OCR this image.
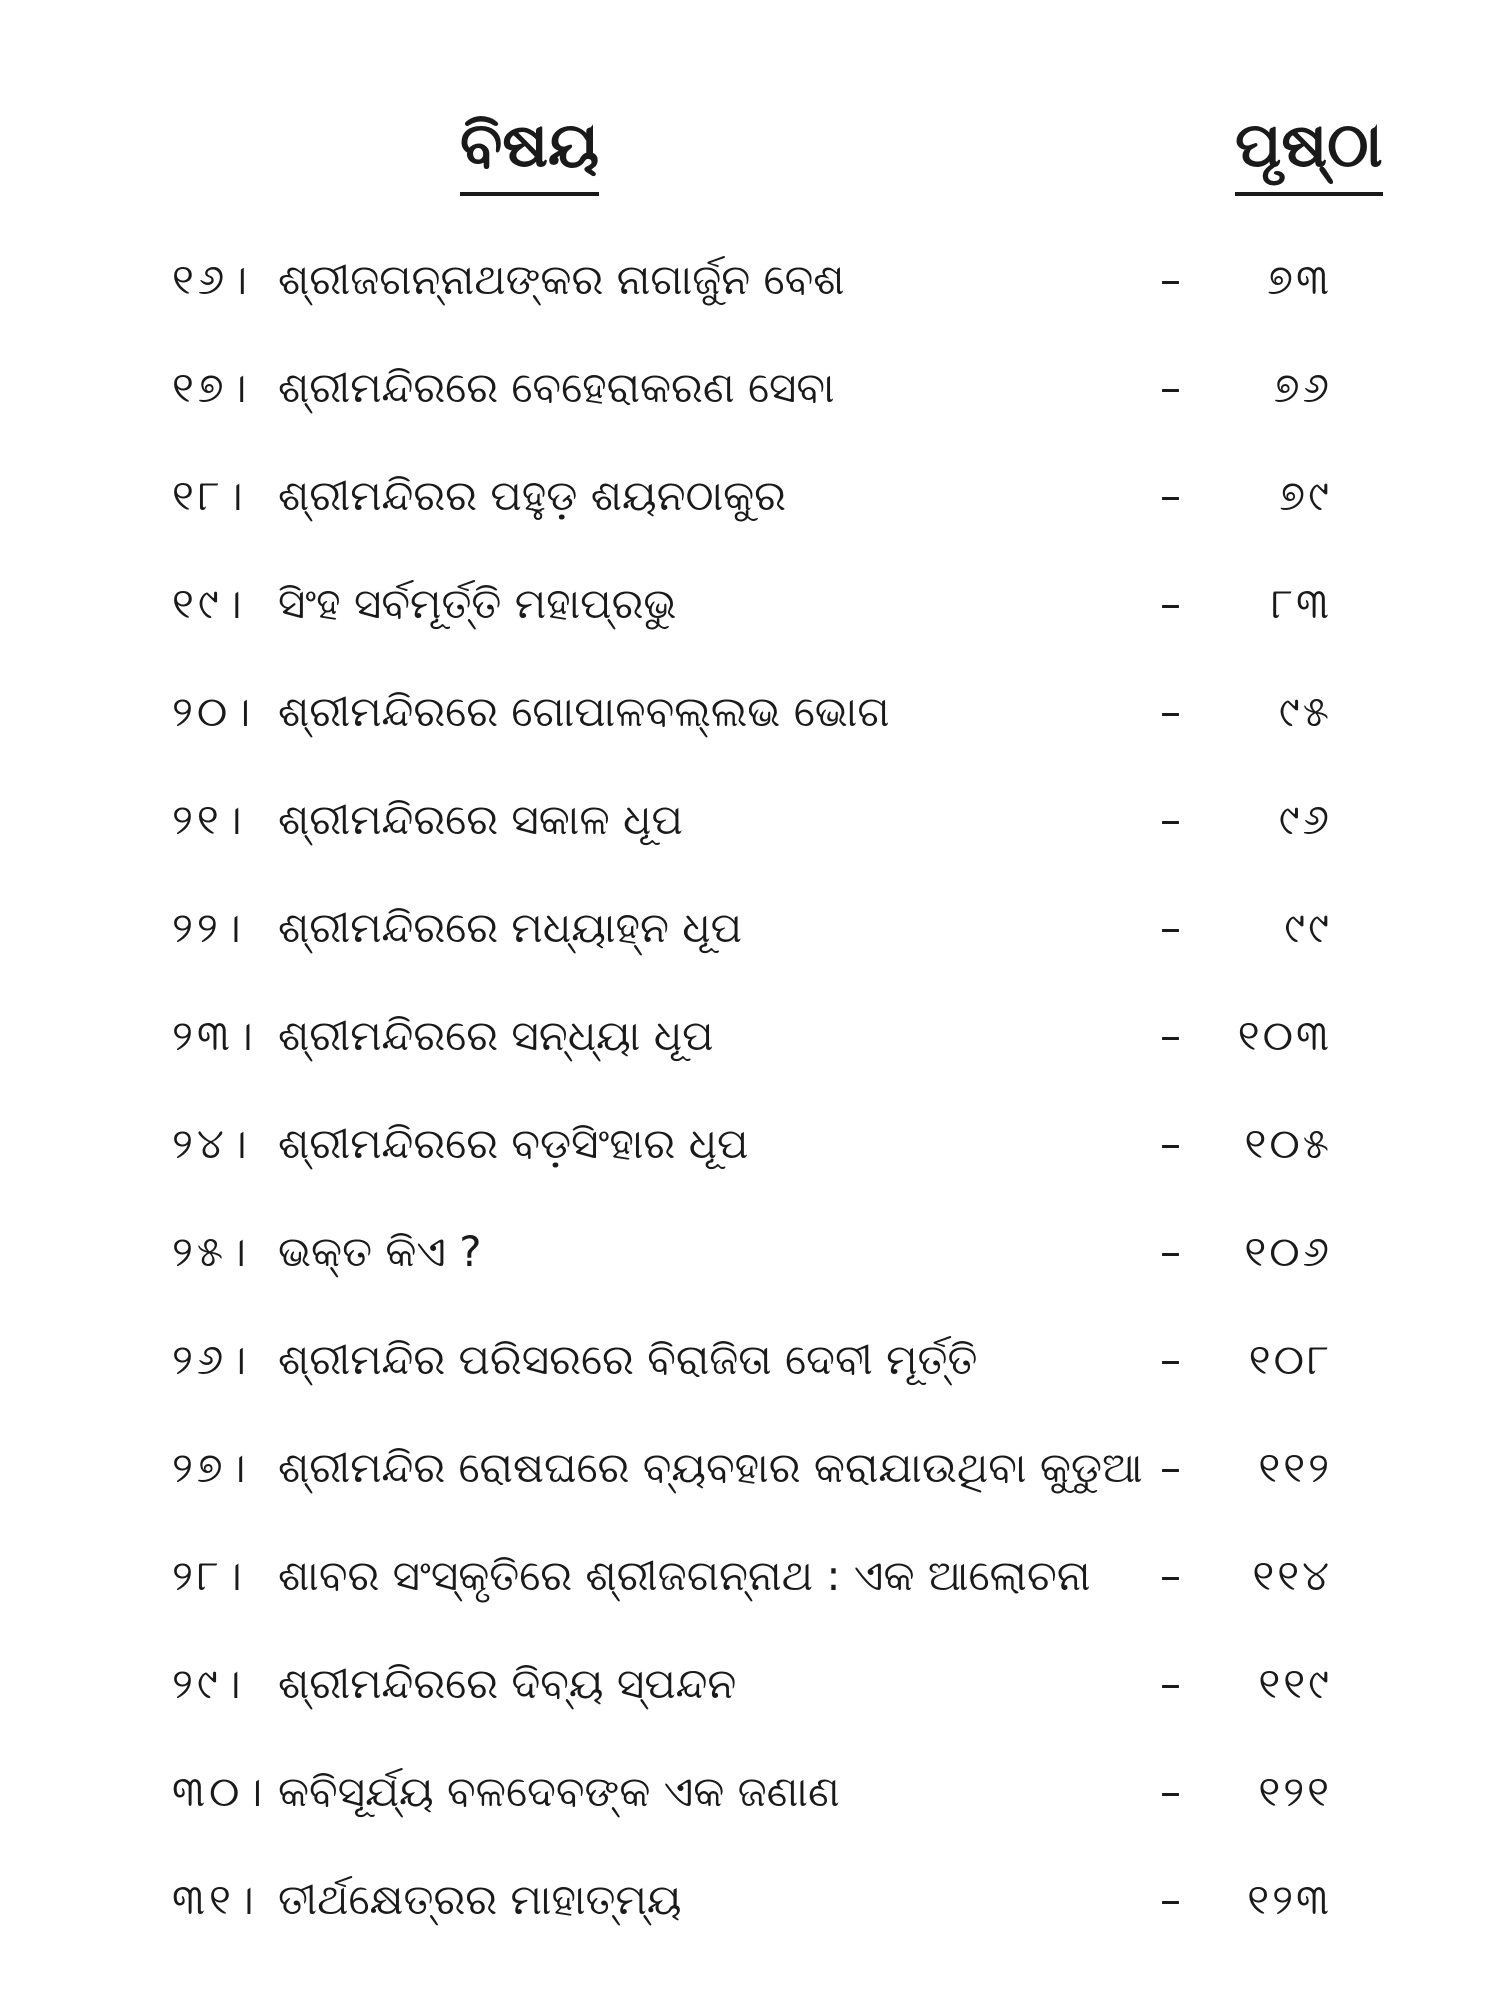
ବିଷୟ	ପୃଷ୍ଠା
୧୬। ଶ୍ରୀଜଗନ୍ନାଥଙ୍କର ନାଗାର୍ଜୁନ ବେଶ	– ୭୩
୧୭। ଶ୍ରୀମନ୍ଦିରରେ ବେହେରାକରଣ ସେବା	– ୭୬
୧୮। ଶ୍ରୀମନ୍ଦିରର ପହୁଡ଼ ଶୟନଠାକୁର	– ୭୯
୧୯। ସିଂହ ସର୍ବମୂର୍ତ୍ତି ମହାପ୍ରଭୁ	– ୮୩
୨୦। ଶ୍ରୀମନ୍ଦିରରେ ଗୋପାଳବଲ୍ଲଭ ଭୋଗ	– ୯୫
୨୧। ଶ୍ରୀମନ୍ଦିରରେ ସକାଳ ଧୂପ	– ୯୬
୨୨। ଶ୍ରୀମନ୍ଦିରରେ ମଧ୍ୟାହ୍ନ ଧୂପ	– ୯୯
୨୩। ଶ୍ରୀମନ୍ଦିରରେ ସନ୍ଧ୍ୟା ଧୂପ	– ୧୦୩
୨୪। ଶ୍ରୀମନ୍ଦିରରେ ବଡ଼ସିଂହାର ଧୂପ	– ୧୦୫
୨୫। ଭକ୍ତ କିଏ ?	– ୧୦୬
୨୬। ଶ୍ରୀମନ୍ଦିର ପରିସରରେ ବିରାଜିତା ଦେବୀ ମୂର୍ତ୍ତି	– ୧୦୮
୨୭। ଶ୍ରୀମନ୍ଦିର ରୋଷଘରେ ବ୍ୟବହାର କରାଯାଉଥିବା କୁଡୁଆ – ୧୧୨
୨୮। ଶାବର ସଂସ୍କୃତିରେ ଶ୍ରୀଜଗନ୍ନାଥ : ଏକ ଆଲୋଚନା – ୧୧୪
୨୯। ଶ୍ରୀମନ୍ଦିରରେ ଦିବ୍ୟ ସ୍ପନ୍ଦନ	– ୧୧୯
୩୦। କବିସୂର୍ଯ୍ୟ ବଳଦେବଙ୍କ ଏକ ଜଣାଣ	– ୧୨୧
୩୧। ତୀର୍ଥକ୍ଷେତ୍ରର ମାହାତ୍ମ୍ୟ	– ୧୨୩
